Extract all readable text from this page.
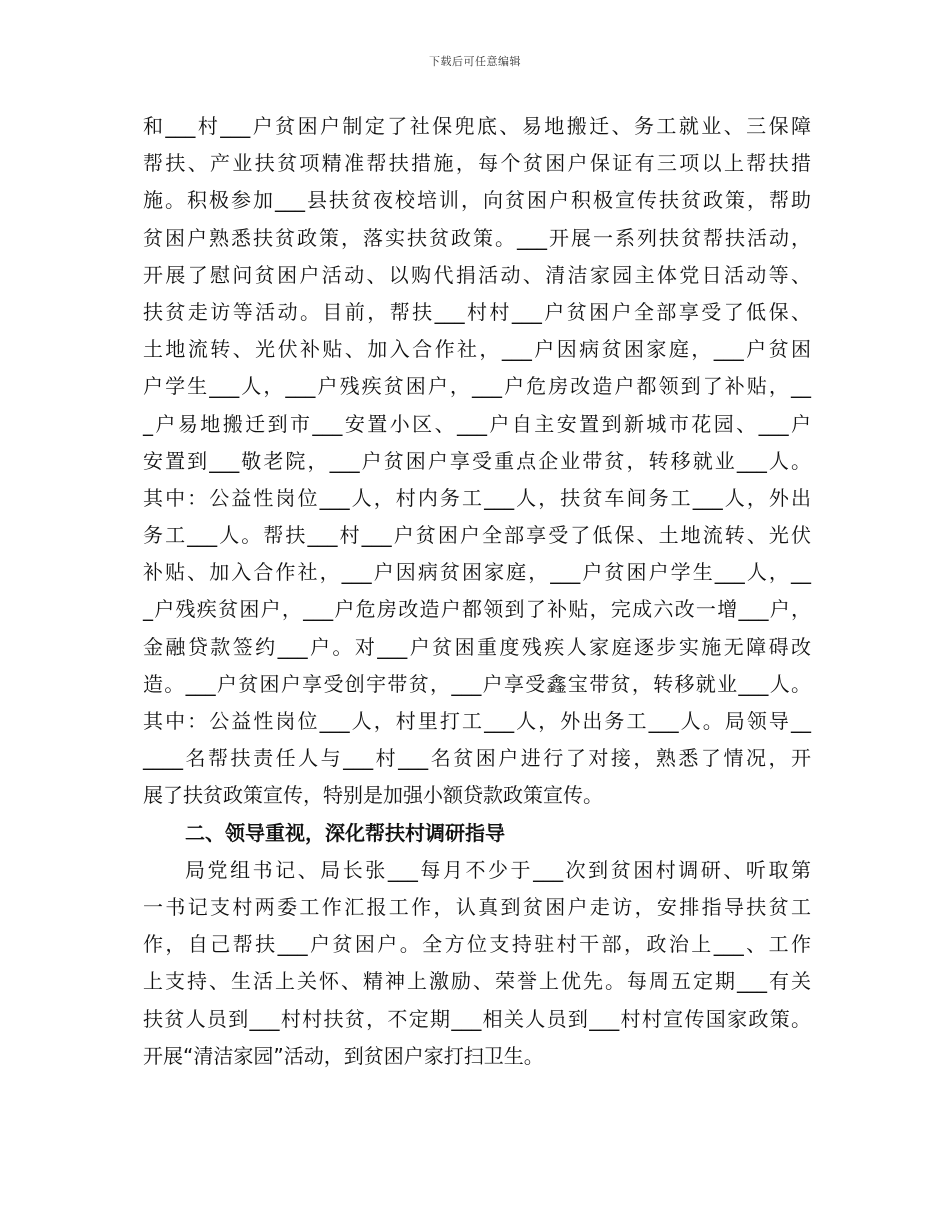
下载后可任意编辑
和___村___户贫困户制定了社保兜底、易地搬迁、务工就业、三保障
帮扶、产业扶贫项精准帮扶措施，每个贫困户保证有三项以上帮扶措
施。积极参加___县扶贫夜校培训，向贫困户积极宣传扶贫政策，帮助
贫困户熟悉扶贫政策，落实扶贫政策。___开展一系列扶贫帮扶活动，
开展了慰问贫困户活动、以购代捐活动、清洁家园主体党日活动等、
扶贫走访等活动。目前，帮扶___村村___户贫困户全部享受了低保、
土地流转、光伏补贴、加入合作社，___户因病贫困家庭，___户贫困
户学生___人，___户残疾贫困户，___户危房改造户都领到了补贴，__
_户易地搬迁到市___安置小区、___户自主安置到新城市花园、___户
安置到___敬老院，___户贫困户享受重点企业带贫，转移就业___人。
其中：公益性岗位___人，村内务工___人，扶贫车间务工___人，外出
务工___人。帮扶___村___户贫困户全部享受了低保、土地流转、光伏
补贴、加入合作社，___户因病贫困家庭，___户贫困户学生___人，__
_户残疾贫困户，___户危房改造户都领到了补贴，完成六改一增___户，
金融贷款签约___户。对___户贫困重度残疾人家庭逐步实施无障碍改
造。___户贫困户享受创宇带贫，___户享受鑫宝带贫，转移就业___人。
其中：公益性岗位___人，村里打工___人，外出务工___人。局领导__
____名帮扶责任人与___村___名贫困户进行了对接，熟悉了情况，开
展了扶贫政策宣传，特别是加强小额贷款政策宣传。
二、领导重视，深化帮扶村调研指导
局党组书记、局长张___每月不少于___次到贫困村调研、听取第
一书记支村两委工作汇报工作，认真到贫困户走访，安排指导扶贫工
作，自己帮扶___户贫困户。全方位支持驻村干部，政治上___、工作
上支持、生活上关怀、精神上激励、荣誉上优先。每周五定期___有关
扶贫人员到___村村扶贫，不定期___相关人员到___村村宣传国家政策。
开展“清洁家园”活动，到贫困户家打扫卫生。
